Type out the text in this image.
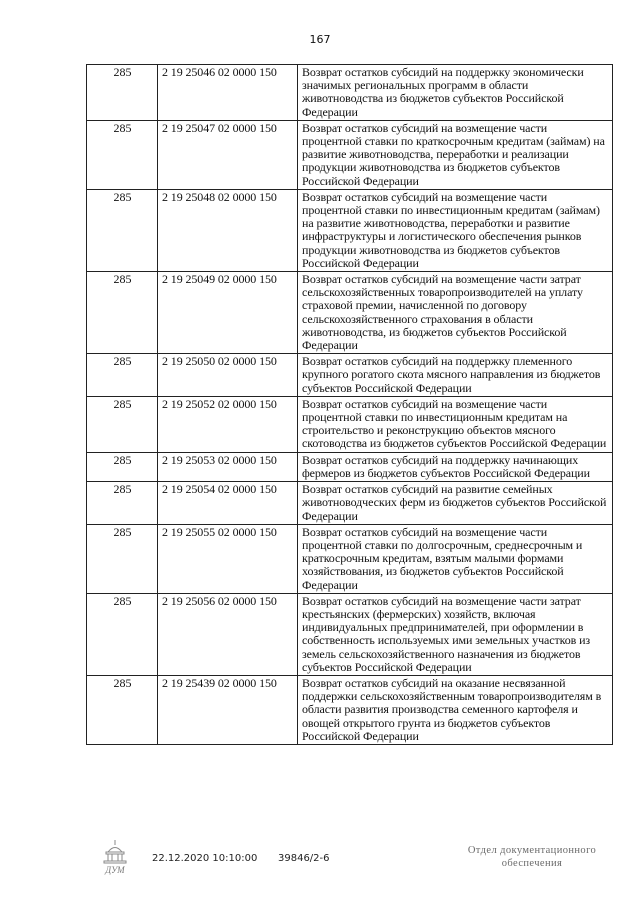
167
285	2 19 25046 02 0000 150	Возврат остатков субсидий на поддержку экономически значимых региональных программ в области животноводства из бюджетов субъектов Российской Федерации
285	2 19 25047 02 0000 150	Возврат остатков субсидий на возмещение части процентной ставки по краткосрочным кредитам (займам) на развитие животноводства, переработки и реализации продукции животноводства из бюджетов субъектов Российской Федерации
285	2 19 25048 02 0000 150	Возврат остатков субсидий на возмещение части процентной ставки по инвестиционным кредитам (займам) на развитие животноводства, переработки и развитие инфраструктуры и логистического обеспечения рынков продукции животноводства из бюджетов субъектов Российской Федерации
285	2 19 25049 02 0000 150	Возврат остатков субсидий на возмещение части затрат сельскохозяйственных товаропроизводителей на уплату страховой премии, начисленной по договору сельскохозяйственного страхования в области животноводства, из бюджетов субъектов Российской Федерации
285	2 19 25050 02 0000 150	Возврат остатков субсидий на поддержку племенного крупного рогатого скота мясного направления из бюджетов субъектов Российской Федерации
285	2 19 25052 02 0000 150	Возврат остатков субсидий на возмещение части процентной ставки по инвестиционным кредитам на строительство и реконструкцию объектов мясного скотоводства из бюджетов субъектов Российской Федерации
285	2 19 25053 02 0000 150	Возврат остатков субсидий на поддержку начинающих фермеров из бюджетов субъектов Российской Федерации
285	2 19 25054 02 0000 150	Возврат остатков субсидий на развитие семейных животноводческих ферм из бюджетов субъектов Российской Федерации
285	2 19 25055 02 0000 150	Возврат остатков субсидий на возмещение части процентной ставки по долгосрочным, среднесрочным и краткосрочным кредитам, взятым малыми формами хозяйствования, из бюджетов субъектов Российской Федерации
285	2 19 25056 02 0000 150	Возврат остатков субсидий на возмещение части затрат крестьянских (фермерских) хозяйств, включая индивидуальных предпринимателей, при оформлении в собственность используемых ими земельных участков из земель сельскохозяйственного назначения из бюджетов субъектов Российской Федерации
285	2 19 25439 02 0000 150	Возврат остатков субсидий на оказание несвязанной поддержки сельскохозяйственным товаропроизводителям в области развития производства семенного картофеля и овощей открытого грунта из бюджетов субъектов Российской Федерации
ДУМ
22.12.2020 10:10:00 39846/2-6
Отдел документационного
обеспечения
